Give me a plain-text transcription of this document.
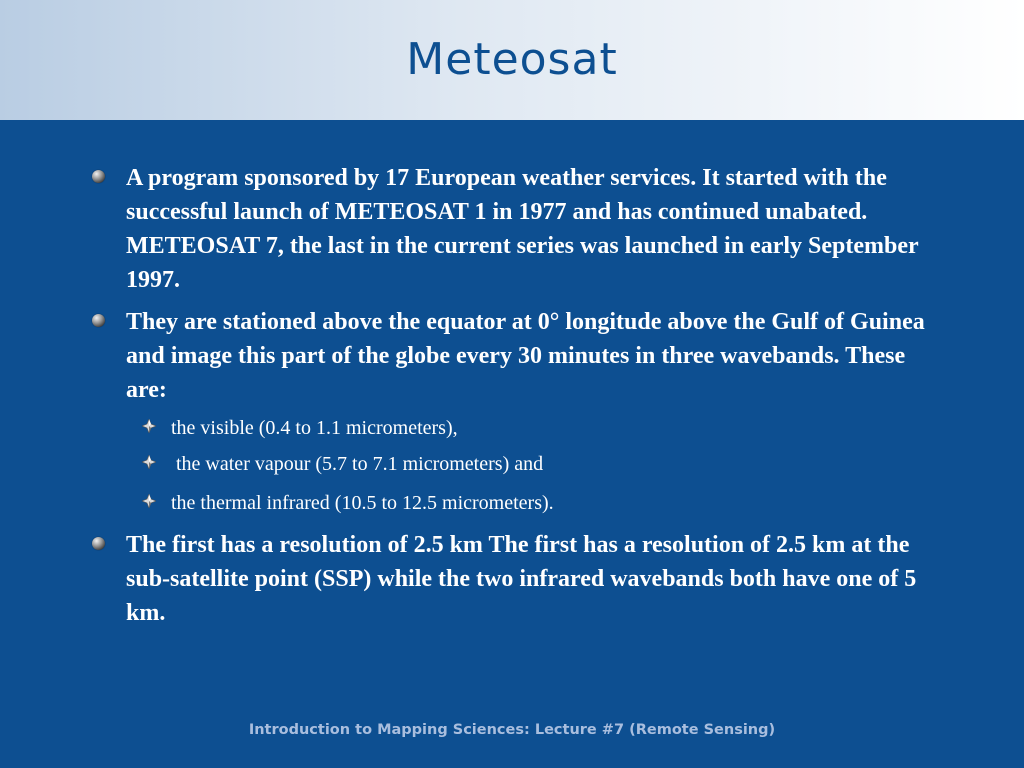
Meteosat

A program sponsored by 17 European weather services. It started with the successful launch of METEOSAT 1 in 1977 and has continued unabated. METEOSAT 7, the last in the current series was launched in early September 1997.

They are stationed above the equator at 0° longitude above the Gulf of Guinea and image this part of the globe every 30 minutes in three wavebands. These are:

the visible (0.4 to 1.1 micrometers),

the water vapour (5.7 to 7.1 micrometers) and

the thermal infrared (10.5 to 12.5 micrometers).

The first has a resolution of 2.5 km The first has a resolution of 2.5 km at the sub-satellite point (SSP) while the two infrared wavebands both have one of 5 km.

Introduction to Mapping Sciences: Lecture #7 (Remote Sensing)
